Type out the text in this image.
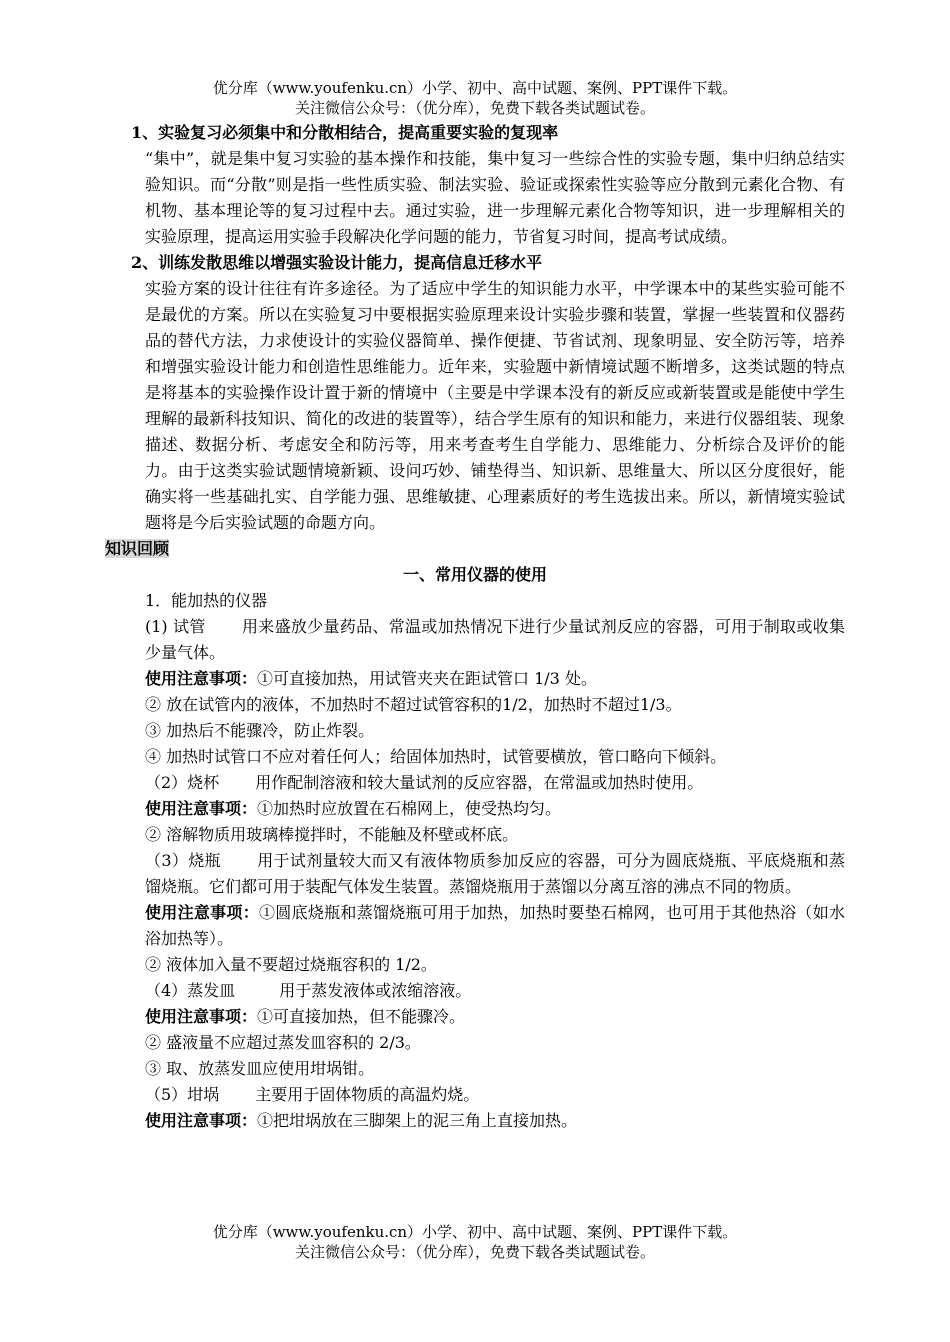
优分库（www.youfenku.cn）小学、初中、高中试题、案例、PPT课件下载。
关注微信公众号：（优分库），免费下载各类试题试卷。

1、实验复习必须集中和分散相结合，提高重要实验的复现率

“集中”，就是集中复习实验的基本操作和技能，集中复习一些综合性的实验专题，集中归纳总结实验知识。而“分散”则是指一些性质实验、制法实验、验证或探索性实验等应分散到元素化合物、有机物、基本理论等的复习过程中去。通过实验，进一步理解元素化合物等知识，进一步理解相关的实验原理，提高运用实验手段解决化学问题的能力，节省复习时间，提高考试成绩。

2、训练发散思维以增强实验设计能力，提高信息迁移水平

实验方案的设计往往有许多途径。为了适应中学生的知识能力水平，中学课本中的某些实验可能不是最优的方案。所以在实验复习中要根据实验原理来设计实验步骤和装置，掌握一些装置和仪器药品的替代方法，力求使设计的实验仪器简单、操作便捷、节省试剂、现象明显、安全防污等，培养和增强实验设计能力和创造性思维能力。近年来，实验题中新情境试题不断增多，这类试题的特点是将基本的实验操作设计置于新的情境中（主要是中学课本没有的新反应或新装置或是能使中学生理解的最新科技知识、简化的改进的装置等），结合学生原有的知识和能力，来进行仪器组装、现象描述、数据分析、考虑安全和防污等，用来考查考生自学能力、思维能力、分析综合及评价的能力。由于这类实验试题情境新颖、设问巧妙、铺垫得当、知识新、思维量大、所以区分度很好，能确实将一些基础扎实、自学能力强、思维敏捷、心理素质好的考生选拔出来。所以，新情境实验试题将是今后实验试题的命题方向。

知识回顾

一、常用仪器的使用

1．能加热的仪器

(1) 试管 用来盛放少量药品、常温或加热情况下进行少量试剂反应的容器，可用于制取或收集少量气体。

使用注意事项：①可直接加热，用试管夹夹在距试管口 1/3 处。

② 放在试管内的液体，不加热时不超过试管容积的1/2，加热时不超过1/3。

③ 加热后不能骤冷，防止炸裂。

④ 加热时试管口不应对着任何人；给固体加热时，试管要横放，管口略向下倾斜。

（2）烧杯 用作配制溶液和较大量试剂的反应容器，在常温或加热时使用。

使用注意事项：①加热时应放置在石棉网上，使受热均匀。

② 溶解物质用玻璃棒搅拌时，不能触及杯壁或杯底。

（3）烧瓶 用于试剂量较大而又有液体物质参加反应的容器，可分为圆底烧瓶、平底烧瓶和蒸馏烧瓶。它们都可用于装配气体发生装置。蒸馏烧瓶用于蒸馏以分离互溶的沸点不同的物质。

使用注意事项：①圆底烧瓶和蒸馏烧瓶可用于加热，加热时要垫石棉网，也可用于其他热浴（如水浴加热等）。

② 液体加入量不要超过烧瓶容积的 1/2。

（4）蒸发皿	用于蒸发液体或浓缩溶液。

使用注意事项：①可直接加热，但不能骤冷。

② 盛液量不应超过蒸发皿容积的 2/3。

③ 取、放蒸发皿应使用坩埚钳。

（5）坩埚 主要用于固体物质的高温灼烧。

使用注意事项：①把坩埚放在三脚架上的泥三角上直接加热。

优分库（www.youfenku.cn）小学、初中、高中试题、案例、PPT课件下载。
关注微信公众号：（优分库），免费下载各类试题试卷。
